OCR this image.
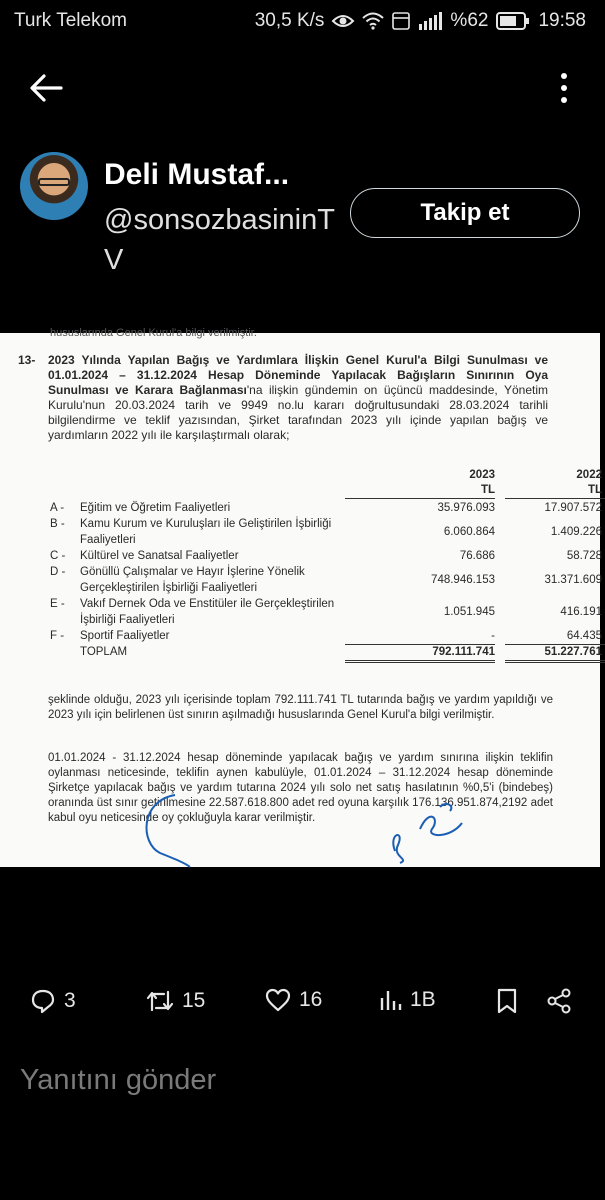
Turk Telekom	30,5 K/s	%62	19:58
Deli Mustaf...
@sonsozbasininTV
Takip et
hususlarında Genel Kurul'a bilgi verilmiştir.
13- 2023 Yılında Yapılan Bağış ve Yardımlara İlişkin Genel Kurul'a Bilgi Sunulması ve 01.01.2024 – 31.12.2024 Hesap Döneminde Yapılacak Bağışların Sınırının Oya Sunulması ve Karara Bağlanması'na ilişkin gündemin on üçüncü maddesinde, Yönetim Kurulu'nun 20.03.2024 tarih ve 9949 no.lu kararı doğrultusundaki 28.03.2024 tarihli bilgilendirme ve teklif yazısından, Şirket tarafından 2023 yılı içinde yapılan bağış ve yardımların 2022 yılı ile karşılaştırmalı olarak;
2023
TL
2022
TL
A -	Eğitim ve Öğretim Faaliyetleri	35.976.093	17.907.572
B -	Kamu Kurum ve Kuruluşları ile Geliştirilen İşbirliği Faaliyetleri
6.060.864	1.409.226
C -	Kültürel ve Sanatsal Faaliyetler	76.686	58.728
D -	Gönüllü Çalışmalar ve Hayır İşlerine Yönelik Gerçekleştirilen İşbirliği Faaliyetleri
748.946.153	31.371.609
E -	Vakıf Dernek Oda ve Enstitüler ile Gerçekleştirilen İşbirliği Faaliyetleri
1.051.945	416.191
F -	Sportif Faaliyetler	-	64.435
TOPLAM	792.111.741	51.227.761
şeklinde olduğu, 2023 yılı içerisinde toplam 792.111.741 TL tutarında bağış ve yardım yapıldığı ve 2023 yılı için belirlenen üst sınırın aşılmadığı hususlarında Genel Kurul'a bilgi verilmiştir.
01.01.2024 - 31.12.2024 hesap döneminde yapılacak bağış ve yardım sınırına ilişkin teklifin oylanması neticesinde, teklifin aynen kabulüyle, 01.01.2024 – 31.12.2024 hesap döneminde Şirketçe yapılacak bağış ve yardım tutarına 2024 yılı solo net satış hasılatının %0,5'i (bindebeş) oranında üst sınır getirilmesine 22.587.618.800 adet red oyuna karşılık 176.136.951.874,2192 adet kabul oyu neticesinde oy çokluğuyla karar verilmiştir.
3	15	16	1B
Yanıtını gönder
